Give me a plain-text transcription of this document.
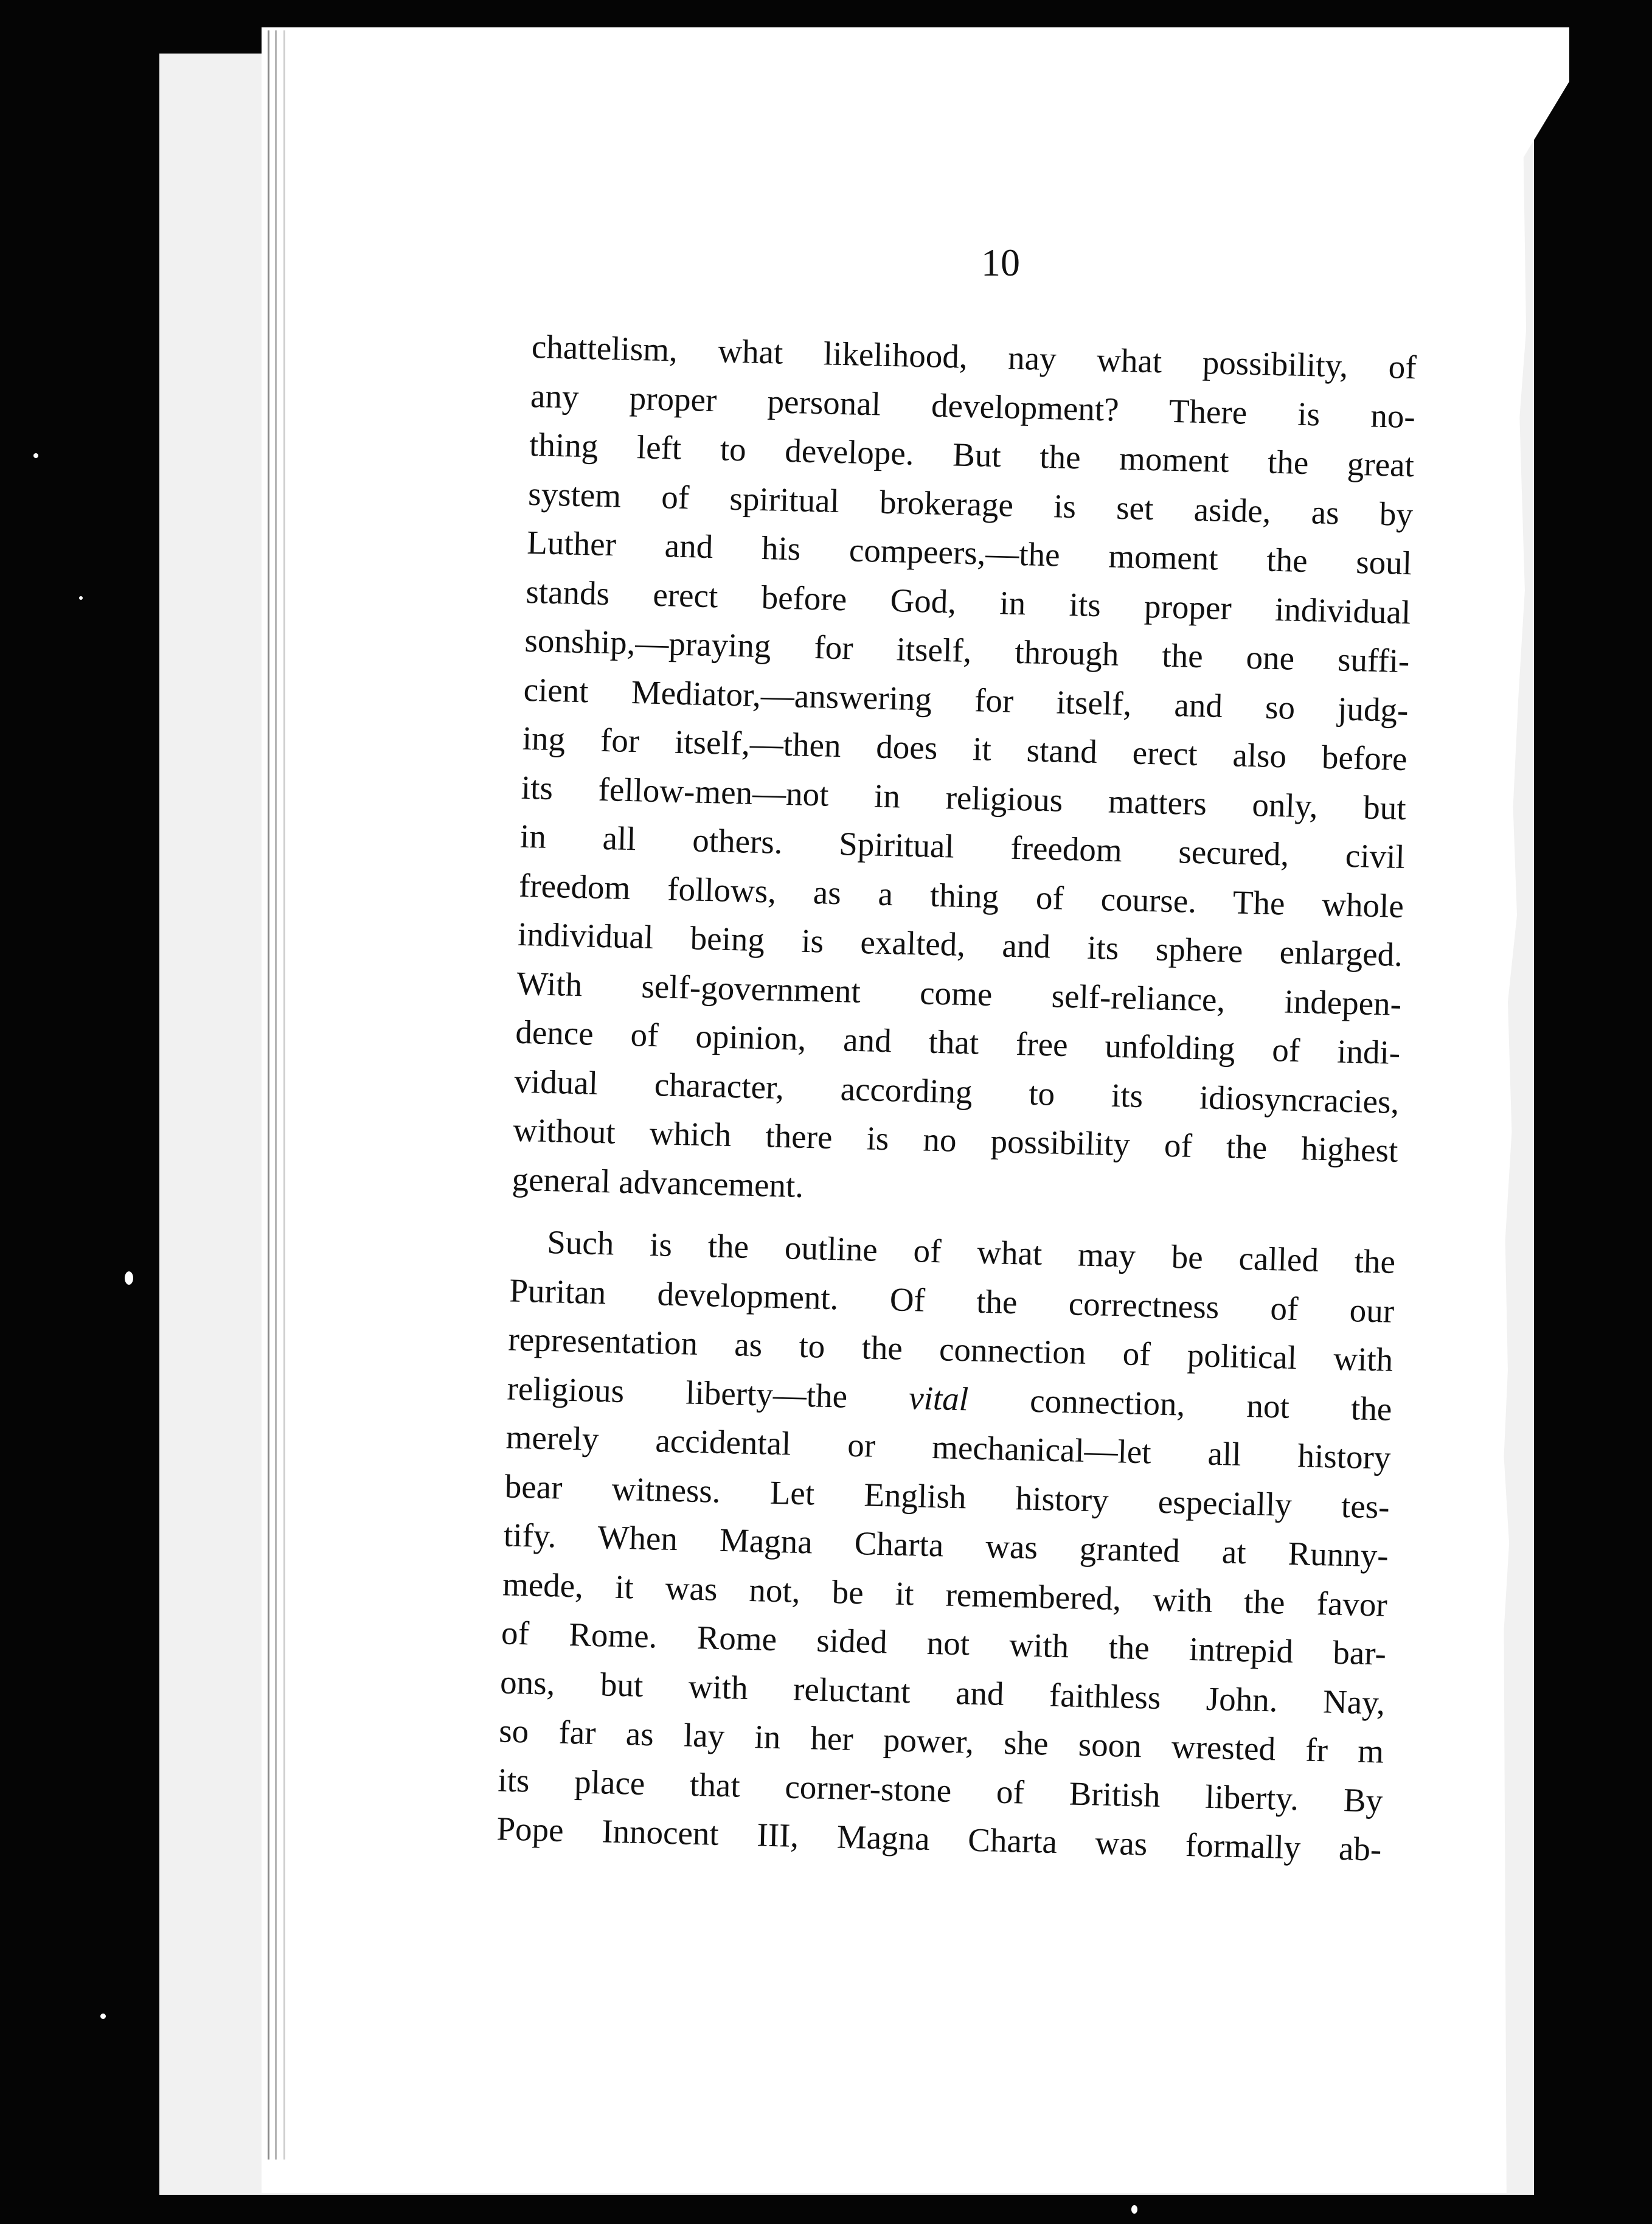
10

chattelism, what likelihood, nay what possibility, of
any proper personal development? There is no-
thing left to develope. But the moment the great
system of spiritual brokerage is set aside, as by
Luther and his compeers,—the moment the soul
stands erect before God, in its proper individual
sonship,—praying for itself, through the one suffi-
cient Mediator,—answering for itself, and so judg-
ing for itself,—then does it stand erect also before
its fellow-men—not in religious matters only, but
in all others. Spiritual freedom secured, civil
freedom follows, as a thing of course. The whole
individual being is exalted, and its sphere enlarged.
With self-government come self-reliance, indepen-
dence of opinion, and that free unfolding of indi-
vidual character, according to its idiosyncracies,
without which there is no possibility of the highest
general advancement.

Such is the outline of what may be called the
Puritan development. Of the correctness of our
representation as to the connection of political with
religious liberty—the vital connection, not the
merely accidental or mechanical—let all history
bear witness. Let English history especially tes-
tify. When Magna Charta was granted at Runny-
mede, it was not, be it remembered, with the favor
of Rome. Rome sided not with the intrepid bar-
ons, but with reluctant and faithless John. Nay,
so far as lay in her power, she soon wrested fr m
its place that corner-stone of British liberty. By
Pope Innocent III, Magna Charta was formally ab-
